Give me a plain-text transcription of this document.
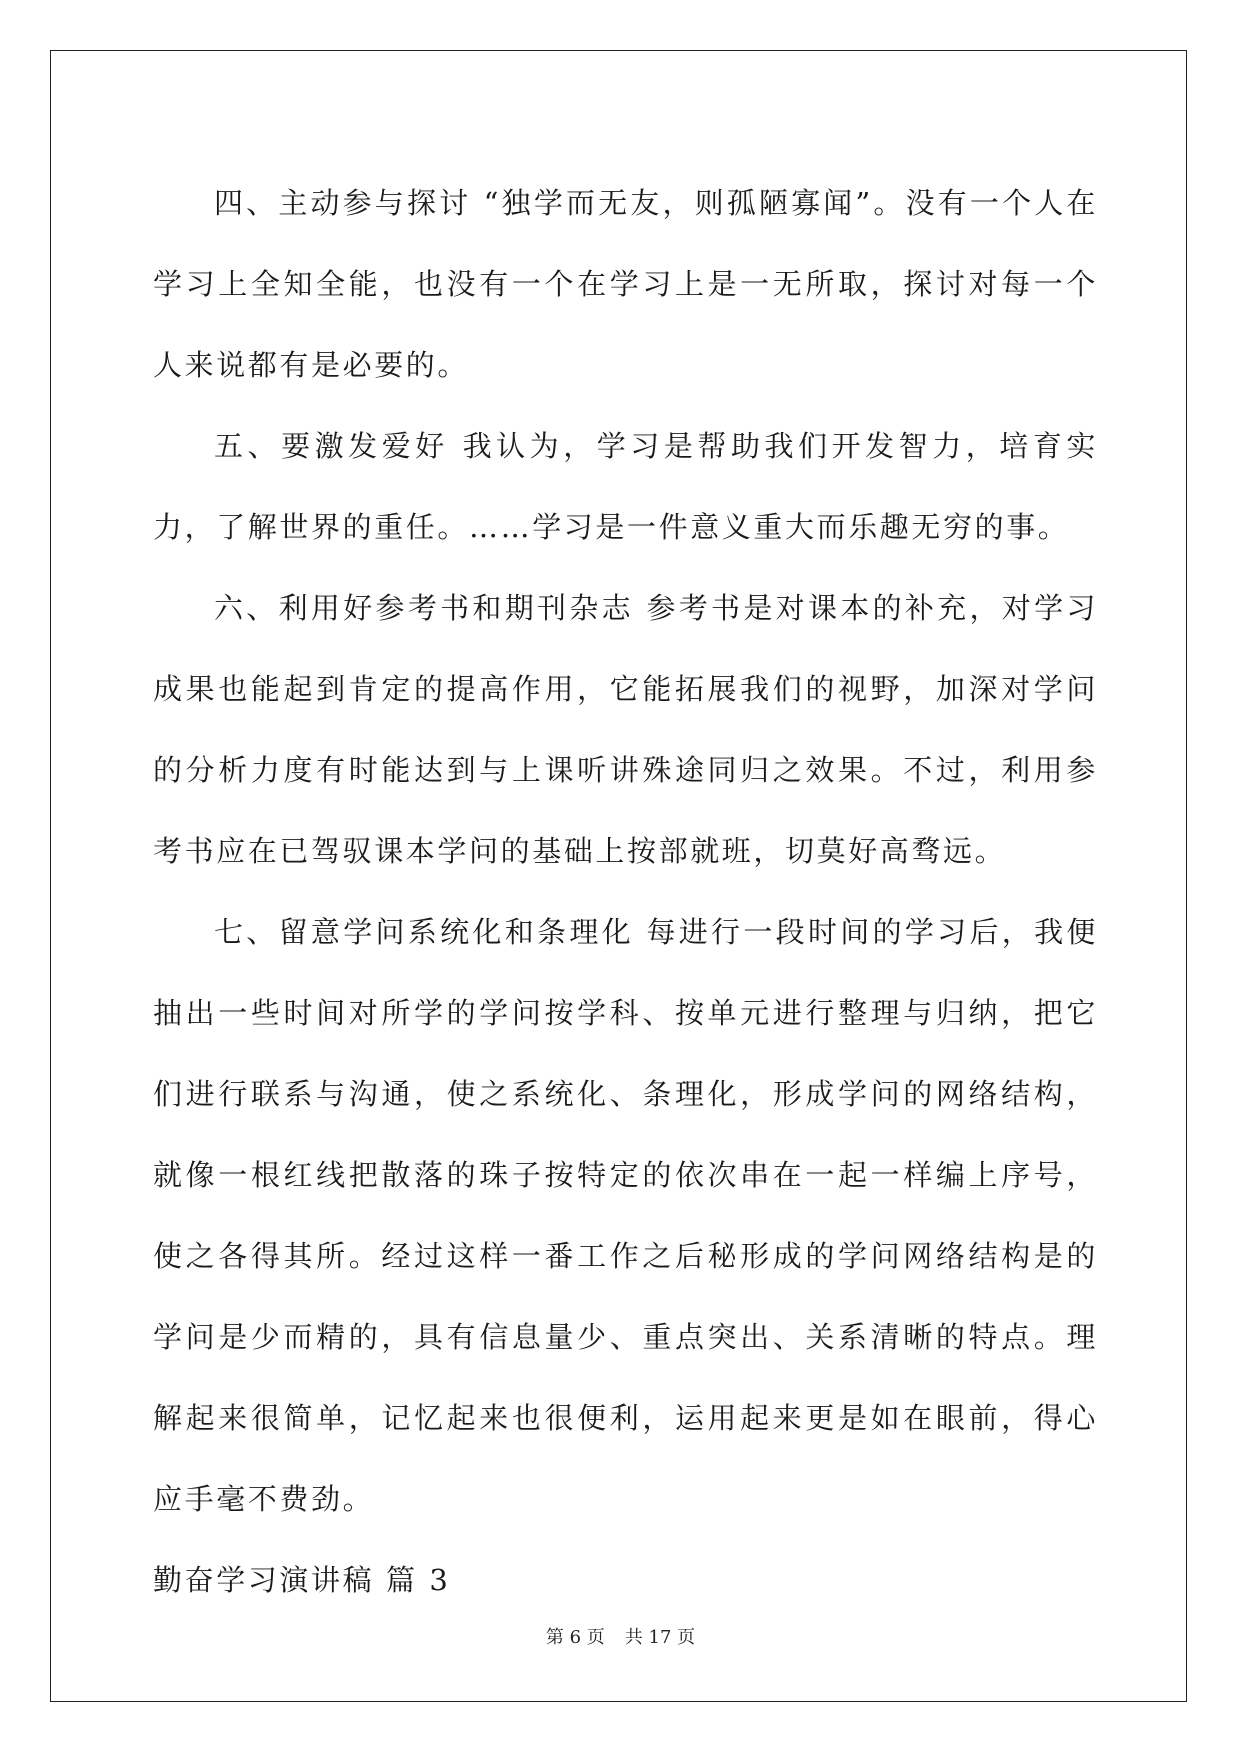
四、主动参与探讨 “独学而无友，则孤陋寡闻”。没有一个人在学习上全知全能，也没有一个在学习上是一无所取，探讨对每一个人来说都有是必要的。

五、要激发爱好 我认为，学习是帮助我们开发智力，培育实力，了解世界的重任。……学习是一件意义重大而乐趣无穷的事。

六、利用好参考书和期刊杂志 参考书是对课本的补充，对学习成果也能起到肯定的提高作用，它能拓展我们的视野，加深对学问的分析力度有时能达到与上课听讲殊途同归之效果。不过，利用参考书应在已驾驭课本学问的基础上按部就班，切莫好高骛远。

七、留意学问系统化和条理化 每进行一段时间的学习后，我便抽出一些时间对所学的学问按学科、按单元进行整理与归纳，把它们进行联系与沟通，使之系统化、条理化，形成学问的网络结构，就像一根红线把散落的珠子按特定的依次串在一起一样编上序号，使之各得其所。经过这样一番工作之后秘形成的学问网络结构是的学问是少而精的，具有信息量少、重点突出、关系清晰的特点。理解起来很简单，记忆起来也很便利，运用起来更是如在眼前，得心应手毫不费劲。

勤奋学习演讲稿 篇 3

第 6 页 共 17 页
